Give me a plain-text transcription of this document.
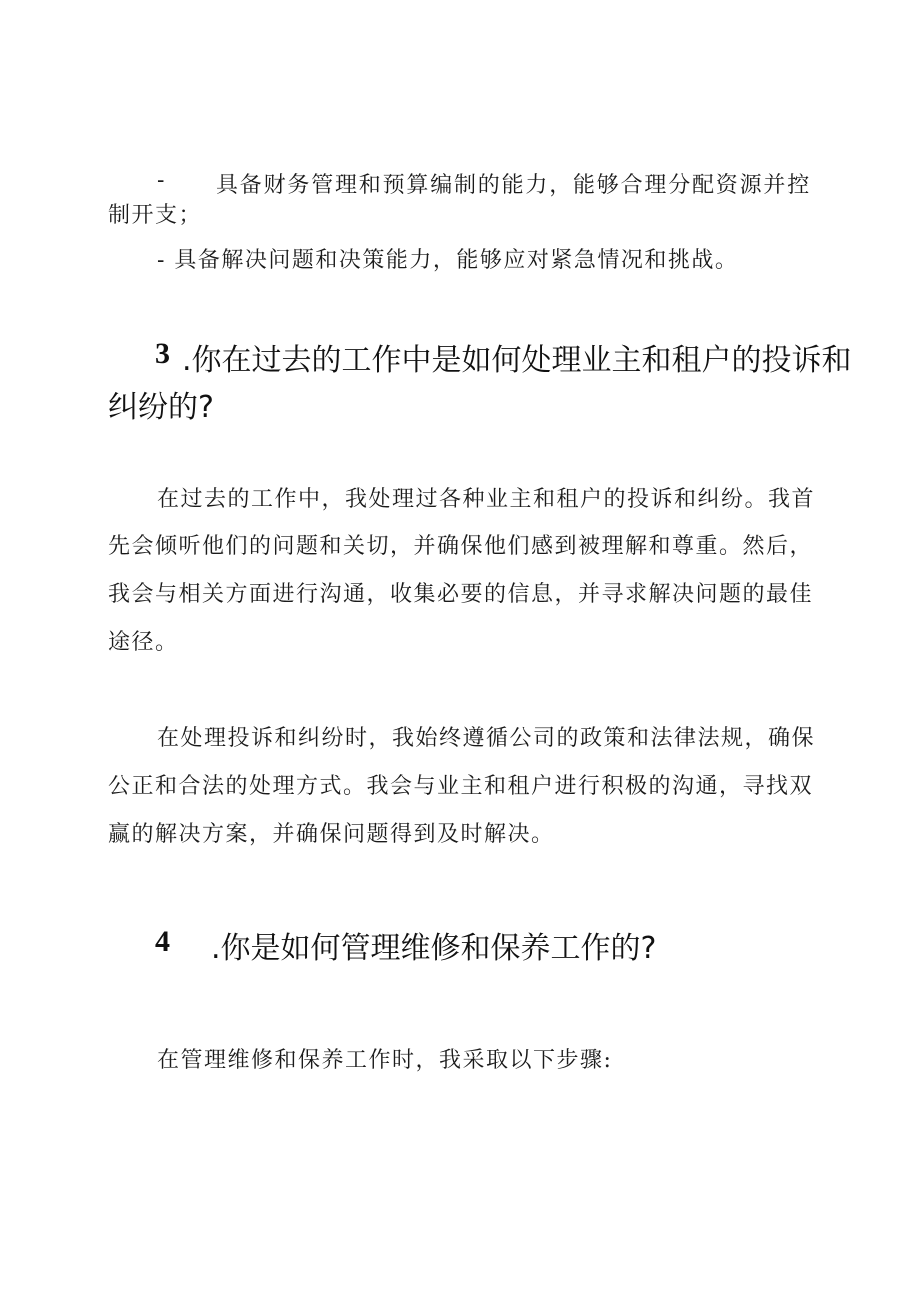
- 具备财务管理和预算编制的能力，能够合理分配资源并控
制开支；
- 具备解决问题和决策能力，能够应对紧急情况和挑战。
3 .你在过去的工作中是如何处理业主和租户的投诉和
纠纷的?
在过去的工作中，我处理过各种业主和租户的投诉和纠纷。我首
先会倾听他们的问题和关切，并确保他们感到被理解和尊重。然后，
我会与相关方面进行沟通，收集必要的信息，并寻求解决问题的最佳
途径。
在处理投诉和纠纷时，我始终遵循公司的政策和法律法规，确保
公正和合法的处理方式。我会与业主和租户进行积极的沟通，寻找双
赢的解决方案，并确保问题得到及时解决。
4 .你是如何管理维修和保养工作的?
在管理维修和保养工作时，我采取以下步骤:
